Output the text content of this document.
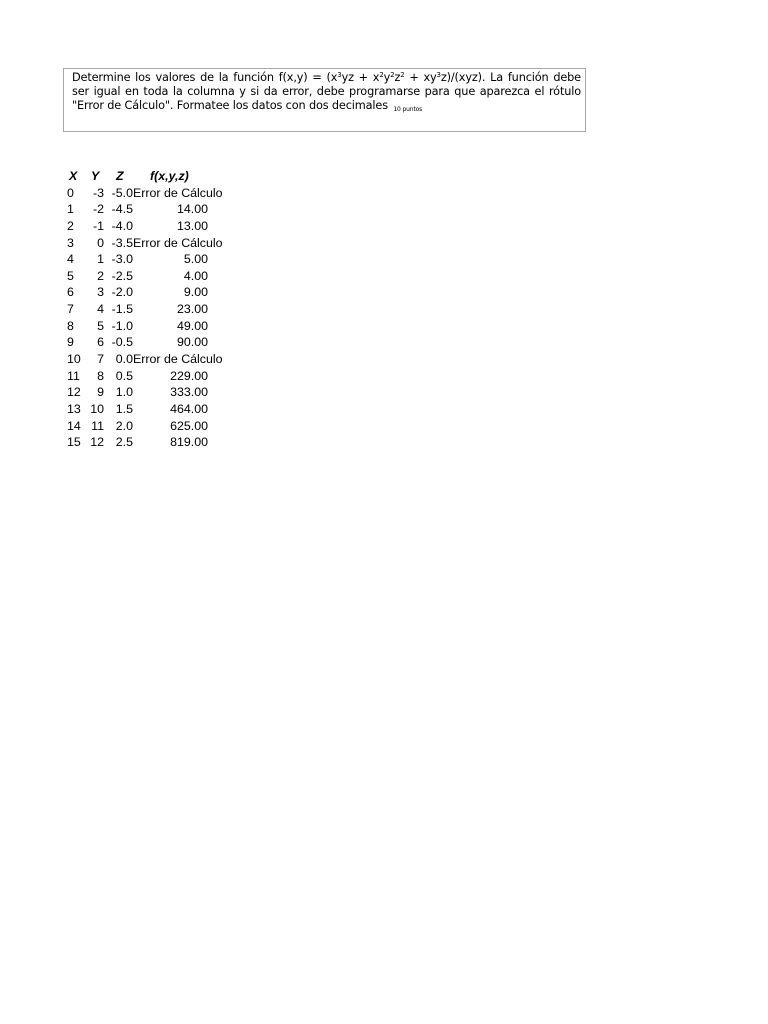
Determine los valores de la función $f(x,y) = (x^3yz + x^2y^2z^2 + xy^3z)/(xyz)$. La función debe ser igual en toda la columna y si da error, debe programarse para que aparezca el rótulo "Error de Cálculo". Formatee los datos con dos decimales 10 puntos
X Y Z f(x,y,z)
0	-3 -5.0 Error de Cálculo
1	-2 -4.5	14.00
2	-1 -4.0	13.00
3	0 -3.5 Error de Cálculo
4	1 -3.0	5.00
5	2 -2.5	4.00
6	3 -2.0	9.00
7	4 -1.5	23.00
8	5 -1.0	49.00
9	6 -0.5	90.00
10	7 0.0 Error de Cálculo
11	8 0.5	229.00
12	9 1.0	333.00
13 10 1.5	464.00
14 11 2.0	625.00
15 12 2.5	819.00
